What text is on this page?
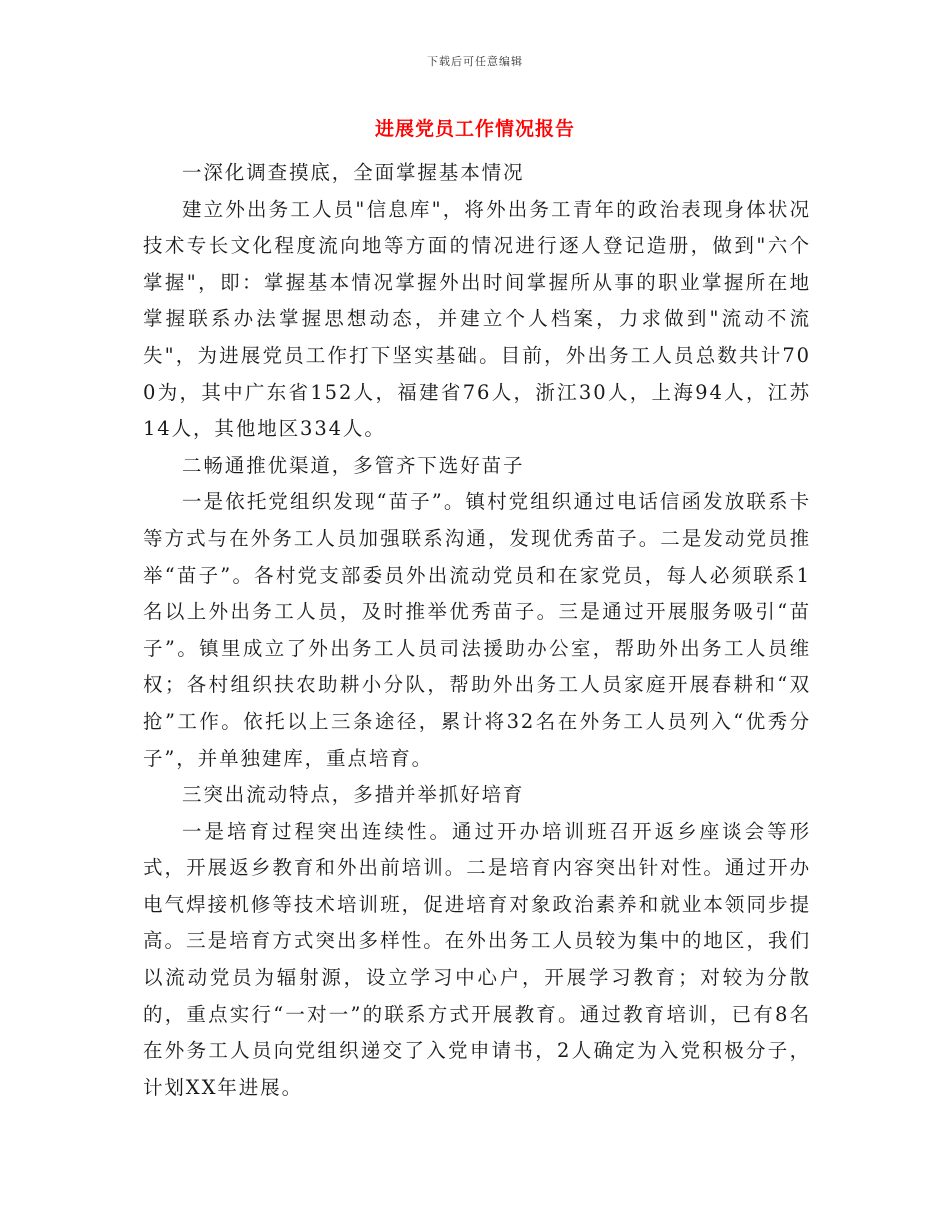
下载后可任意编辑
进展党员工作情况报告

一深化调查摸底，全面掌握基本情况

建立外出务工人员"信息库"，将外出务工青年的政治表现身体状况技术专长文化程度流向地等方面的情况进行逐人登记造册，做到"六个掌握"，即：掌握基本情况掌握外出时间掌握所从事的职业掌握所在地掌握联系办法掌握思想动态，并建立个人档案，力求做到"流动不流失"，为进展党员工作打下坚实基础。目前，外出务工人员总数共计700为，其中广东省152人，福建省76人，浙江30人，上海94人，江苏14人，其他地区334人。

二畅通推优渠道，多管齐下选好苗子

一是依托党组织发现“苗子”。镇村党组织通过电话信函发放联系卡等方式与在外务工人员加强联系沟通，发现优秀苗子。二是发动党员推举“苗子”。各村党支部委员外出流动党员和在家党员，每人必须联系1名以上外出务工人员，及时推举优秀苗子。三是通过开展服务吸引“苗子”。镇里成立了外出务工人员司法援助办公室，帮助外出务工人员维权；各村组织扶农助耕小分队，帮助外出务工人员家庭开展春耕和“双抢”工作。依托以上三条途径，累计将32名在外务工人员列入“优秀分子”，并单独建库，重点培育。

三突出流动特点，多措并举抓好培育

一是培育过程突出连续性。通过开办培训班召开返乡座谈会等形式，开展返乡教育和外出前培训。二是培育内容突出针对性。通过开办电气焊接机修等技术培训班，促进培育对象政治素养和就业本领同步提高。三是培育方式突出多样性。在外出务工人员较为集中的地区，我们以流动党员为辐射源，设立学习中心户，开展学习教育；对较为分散的，重点实行“一对一”的联系方式开展教育。通过教育培训，已有8名在外务工人员向党组织递交了入党申请书，2人确定为入党积极分子，计划XX年进展。
